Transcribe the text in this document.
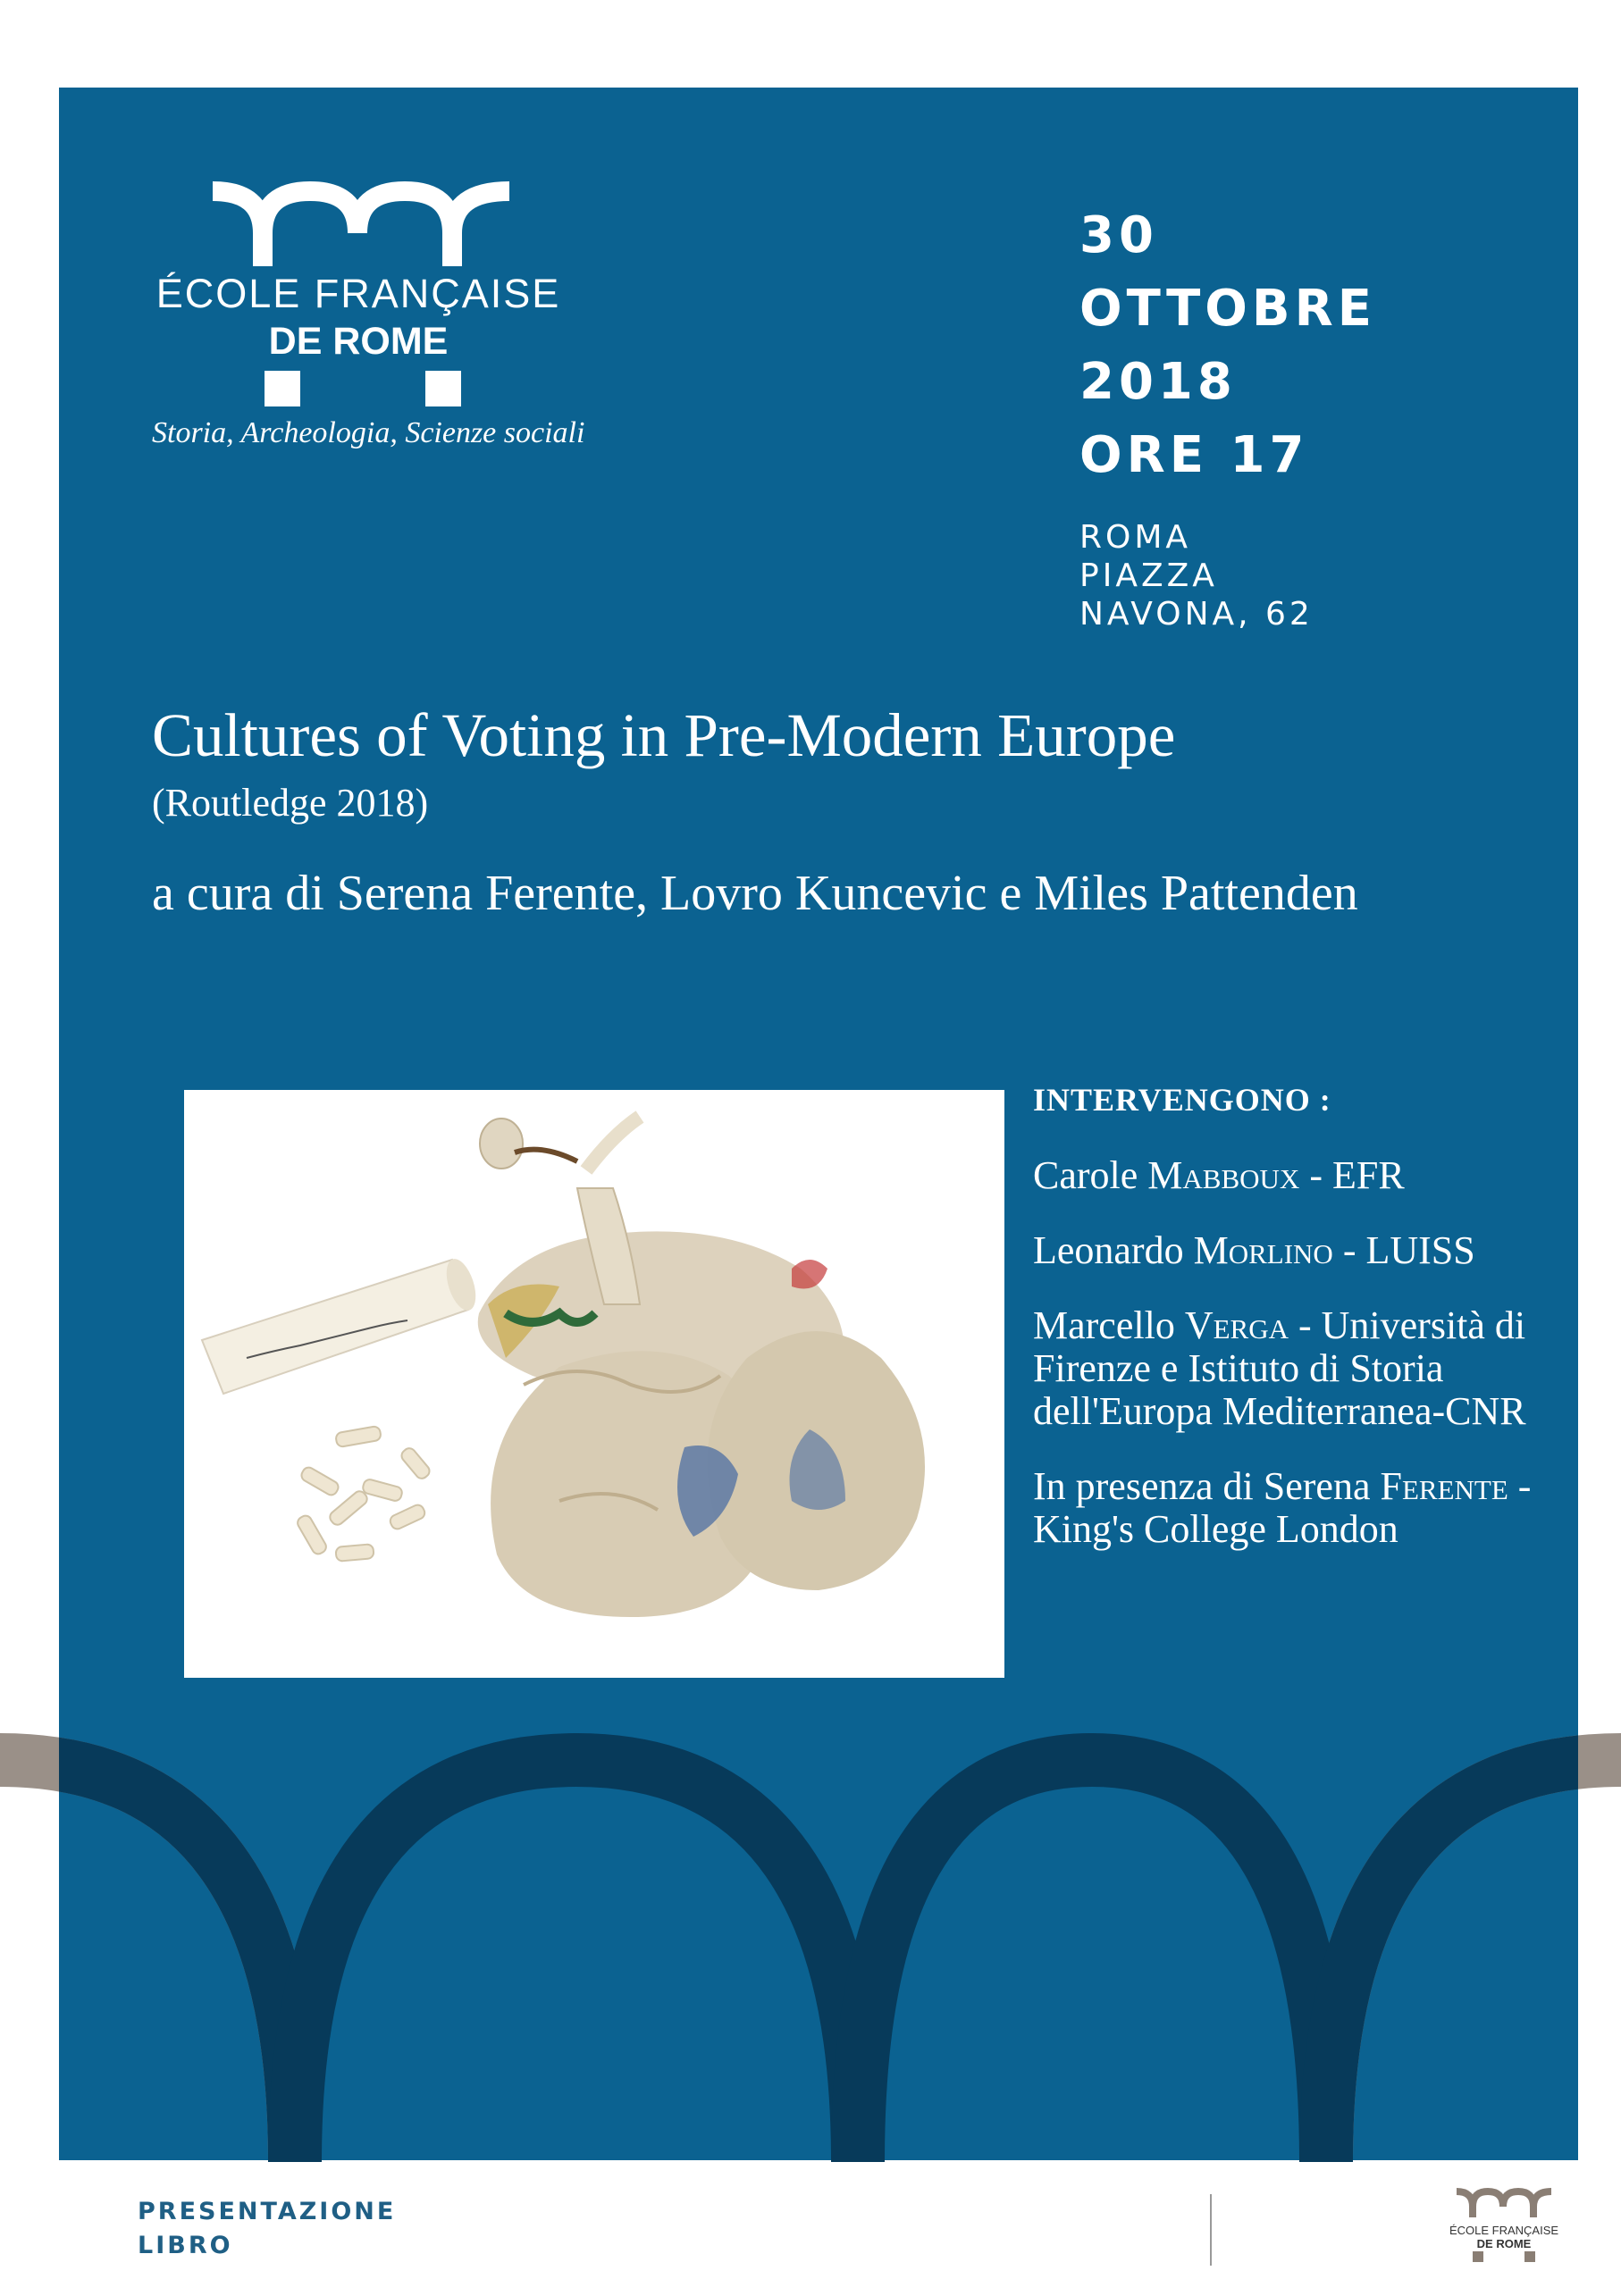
ÉCOLE FRANÇAISE
DE ROME
Storia, Archeologia, Scienze sociali
30
OTTOBRE
2018
ORE 17
ROMA
PIAZZA
NAVONA, 62
Cultures of Voting in Pre-Modern Europe
(Routledge 2018)
a cura di Serena Ferente, Lovro Kuncevic e Miles Pattenden
INTERVENGONO :
Carole Mabboux - EFR
Leonardo Morlino - LUISS
Marcello Verga - Università di Firenze e Istituto di Storia dell'Europa Mediterranea-CNR
In presenza di Serena Ferente - King's College London
PRESENTAZIONE
LIBRO
ÉCOLE FRANÇAISE
DE ROME
